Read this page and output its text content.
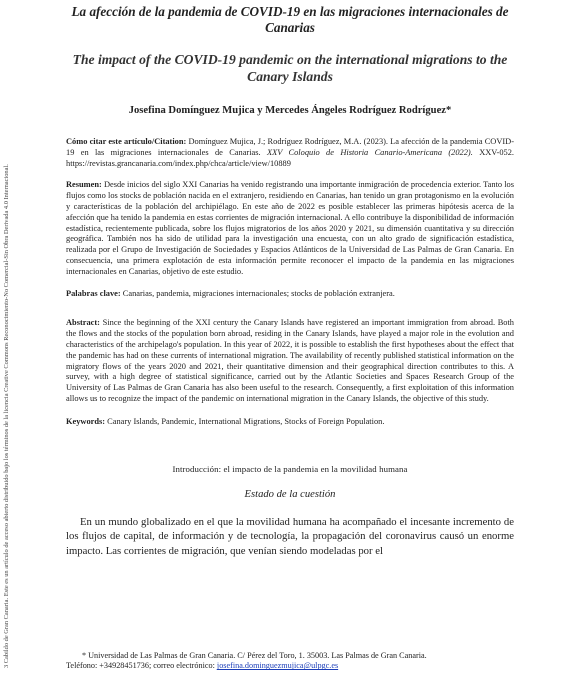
3 Cabildo de Gran Canaria. Este es un artículo de acceso abierto distribuido bajo los términos de la licencia Creative Commons Reconocimiento-No Comercial-Sin Obra Derivada 4.0 Internacional.
La afección de la pandemia de COVID-19 en las migraciones internacionales de Canarias
The impact of the COVID-19 pandemic on the international migrations to the Canary Islands
Josefina Domínguez Mujica y Mercedes Ángeles Rodríguez Rodríguez*

Cómo citar este artículo/Citation: Domínguez Mujica, J.; Rodríguez Rodríguez, M.A. (2023). La afección de la pandemia COVID-19 en las migraciones internacionales de Canarias. XXV Coloquio de Historia Canario-Americana (2022). XXV-052. https://revistas.grancanaria.com/index.php/chca/article/view/10889

Resumen: Desde inicios del siglo XXI Canarias ha venido registrando una importante inmigración de procedencia exterior. Tanto los flujos como los stocks de población nacida en el extranjero, residiendo en Canarias, han tenido un gran protagonismo en la evolución y características de la población del archipiélago. En este año de 2022 es posible establecer las primeras hipótesis acerca de la afección que ha tenido la pandemia en estas corrientes de migración internacional. A ello contribuye la disponibilidad de información estadística, recientemente publicada, sobre los flujos migratorios de los años 2020 y 2021, su dimensión cuantitativa y su dirección geográfica. También nos ha sido de utilidad para la investigación una encuesta, con un alto grado de significación estadística, realizada por el Grupo de Investigación de Sociedades y Espacios Atlánticos de la Universidad de Las Palmas de Gran Canaria. En consecuencia, una primera explotación de esta información permite reconocer el impacto de la pandemia en las migraciones internacionales en Canarias, objetivo de este estudio.

Palabras clave: Canarias, pandemia, migraciones internacionales; stocks de población extranjera.

Abstract: Since the beginning of the XXI century the Canary Islands have registered an important immigration from abroad. Both the flows and the stocks of the population born abroad, residing in the Canary Islands, have played a major role in the evolution and characteristics of the archipelago's population. In this year of 2022, it is possible to establish the first hypotheses about the effect that the pandemic has had on these currents of international migration. The availability of recently published statistical information on the migratory flows of the years 2020 and 2021, their quantitative dimension and their geographical direction contributes to this. A survey, with a high degree of statistical significance, carried out by the Atlantic Societies and Spaces Research Group of the University of Las Palmas de Gran Canaria has also been useful to the research. Consequently, a first exploitation of this information allows us to recognize the impact of the pandemic on international migration in the Canary Islands, the objective of this study.

Keywords: Canary Islands, Pandemic, International Migrations, Stocks of Foreign Population.

Introducción: el impacto de la pandemia en la movilidad humana
Estado de la cuestión

En un mundo globalizado en el que la movilidad humana ha acompañado el incesante incremento de los flujos de capital, de información y de tecnología, la propagación del coronavirus causó un enorme impacto. Las corrientes de migración, que venían siendo modeladas por el

* Universidad de Las Palmas de Gran Canaria. C/ Pérez del Toro, 1. 35003. Las Palmas de Gran Canaria.
Teléfono: +34928451736; correo electrónico: josefina.dominguezmujica@ulpgc.es
